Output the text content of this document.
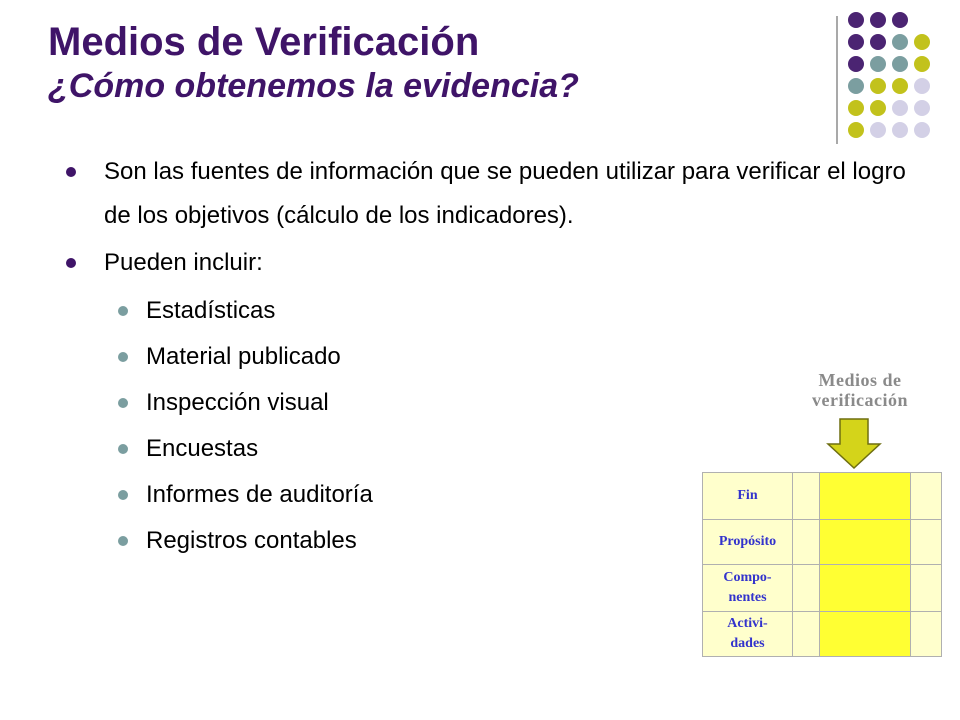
Medios de Verificación
¿Cómo obtenemos la evidencia?
Son las fuentes de información que se pueden utilizar para verificar el logro de los objetivos (cálculo de los indicadores).
Pueden incluir:
Estadísticas
Material publicado
Inspección visual
Encuestas
Informes de auditoría
Registros contables
Medios de
verificación
Fin			
Propósito			
Compo-
nentes			
Activi-
dades			
